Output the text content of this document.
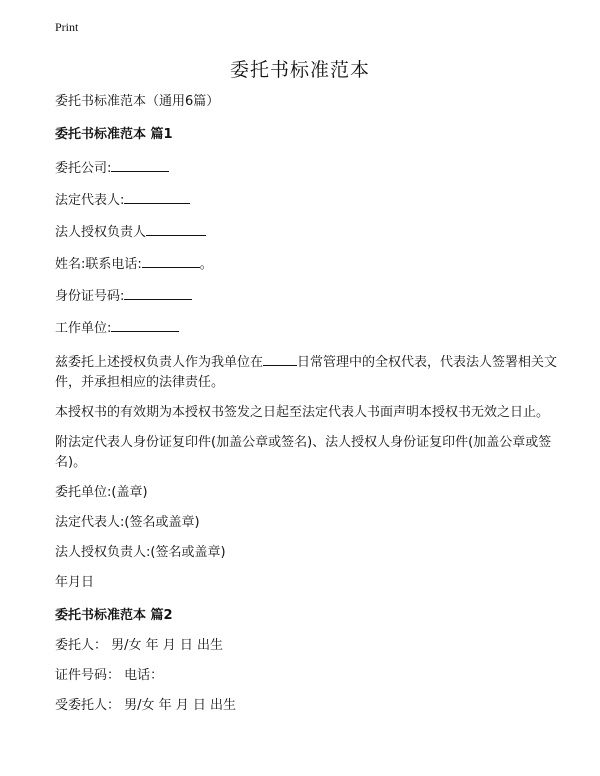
Print
委托书标准范本

委托书标准范本（通用6篇）

委托书标准范本 篇1

委托公司:

法定代表人:

法人授权负责人

姓名:联系电话:	。

身份证号码:

工作单位:

兹委托上述授权负责人作为我单位在	日常管理中的全权代表，代表法人签署相关文件，并承担相应的法律责任。

本授权书的有效期为本授权书签发之日起至法定代表人书面声明本授权书无效之日止。

附法定代表人身份证复印件(加盖公章或签名)、法人授权人身份证复印件(加盖公章或签名)。

委托单位:(盖章)

法定代表人:(签名或盖章)

法人授权负责人:(签名或盖章)

年月日

委托书标准范本 篇2

委托人： 男/女 年 月 日 出生

证件号码： 电话：

受委托人： 男/女 年 月 日 出生
